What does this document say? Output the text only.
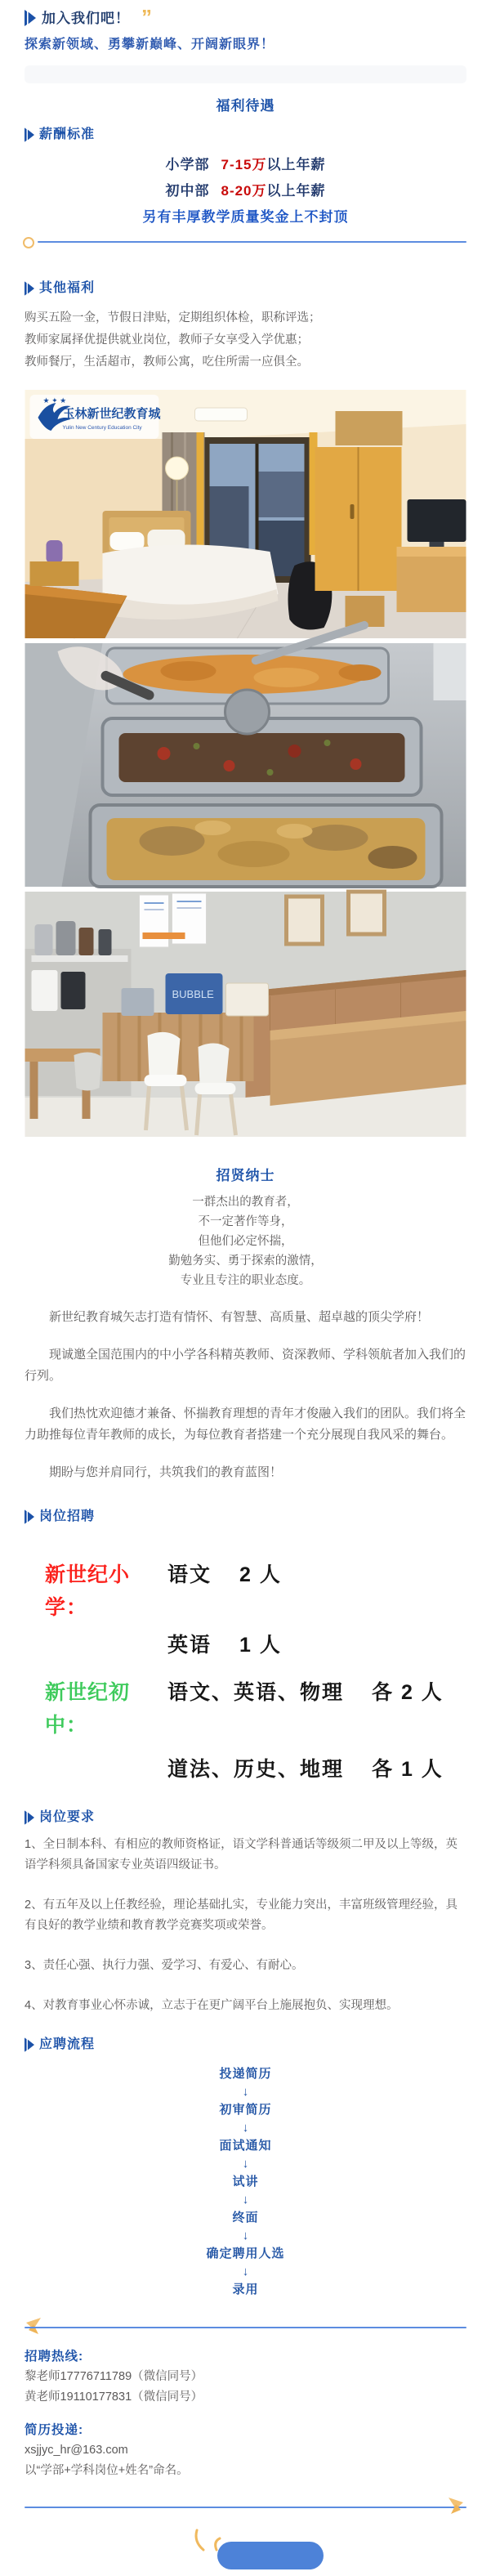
加入我们吧！ ”
探索新领域、勇攀新巅峰、开阔新眼界！
福利待遇
薪酬标准
小学部 7-15万以上年薪
初中部 8-20万以上年薪
另有丰厚教学质量奖金上不封顶
其他福利
购买五险一金，节假日津贴，定期组织体检，职称评选；
教师家属择优提供就业岗位，教师子女享受入学优惠；
教师餐厅，生活超市，教师公寓，吃住所需一应俱全。
★ ✦ ★
玉林新世纪教育城
Yulin New Century Education City
BUBBLE
招贤纳士
一群杰出的教育者，
不一定著作等身，
但他们必定怀揣，
勤勉务实、勇于探索的激情，
专业且专注的职业态度。

新世纪教育城矢志打造有情怀、有智慧、高质量、超卓越的顶尖学府！

现诚邀全国范围内的中小学各科精英教师、资深教师、学科领航者加入我们的行列。

我们热忱欢迎德才兼备、怀揣教育理想的青年才俊融入我们的团队。我们将全力助推每位青年教师的成长，为每位教育者搭建一个充分展现自我风采的舞台。

期盼与您并肩同行，共筑我们的教育蓝图！

岗位招聘
新世纪小学：
语文 2 人
英语 1 人
新世纪初中：
语文、英语、物理 各 2 人
道法、历史、地理 各 1 人
岗位要求
1、全日制本科、有相应的教师资格证，语文学科普通话等级须二甲及以上等级，英语学科须具备国家专业英语四级证书。
2、有五年及以上任教经验，理论基础扎实，专业能力突出，丰富班级管理经验，具有良好的教学业绩和教育教学竞赛奖项或荣誉。
3、责任心强、执行力强、爱学习、有爱心、有耐心。
4、对教育事业心怀赤诚，立志于在更广阔平台上施展抱负、实现理想。
应聘流程
投递简历
↓
初审简历
↓
面试通知
↓
试讲
↓
终面
↓
确定聘用人选
↓
录用
招聘热线:
黎老师17776711789（微信同号）
黄老师19110177831（微信同号）
简历投递:
xsjjyc_hr@163.com
以“学部+学科岗位+姓名”命名。
